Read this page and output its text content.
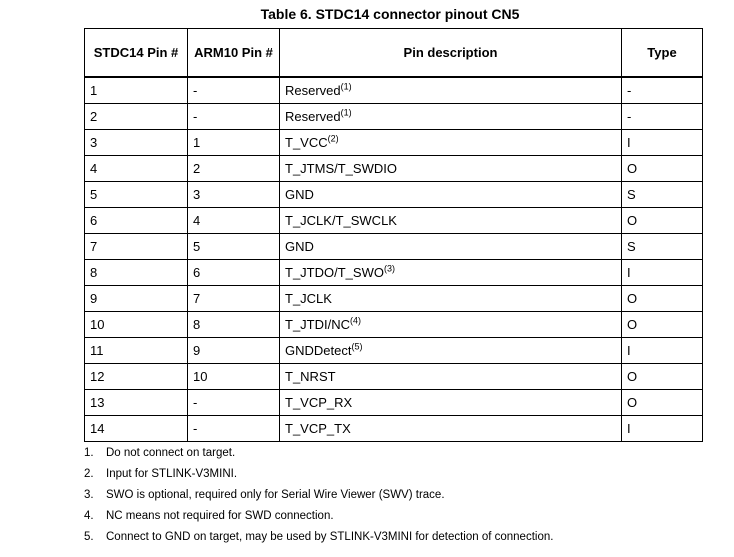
Table 6. STDC14 connector pinout CN5
STDC14 Pin #	ARM10 Pin #	Pin description	Type
1	-	Reserved$^{(1)}$	-
2	-	Reserved$^{(1)}$	-
3	1	T_VCC$^{(2)}$	I
4	2	T_JTMS/T_SWDIO	O
5	3	GND	S
6	4	T_JCLK/T_SWCLK	O
7	5	GND	S
8	6	T_JTDO/T_SWO$^{(3)}$	I
9	7	T_JCLK	O
10	8	T_JTDI/NC$^{(4)}$	O
11	9	GNDDetect$^{(5)}$	I
12	10	T_NRST	O
13	-	T_VCP_RX	O
14	-	T_VCP_TX	I
1. Do not connect on target.
2. Input for STLINK-V3MINI.
3. SWO is optional, required only for Serial Wire Viewer (SWV) trace.
4. NC means not required for SWD connection.
5. Connect to GND on target, may be used by STLINK-V3MINI for detection of connection.
